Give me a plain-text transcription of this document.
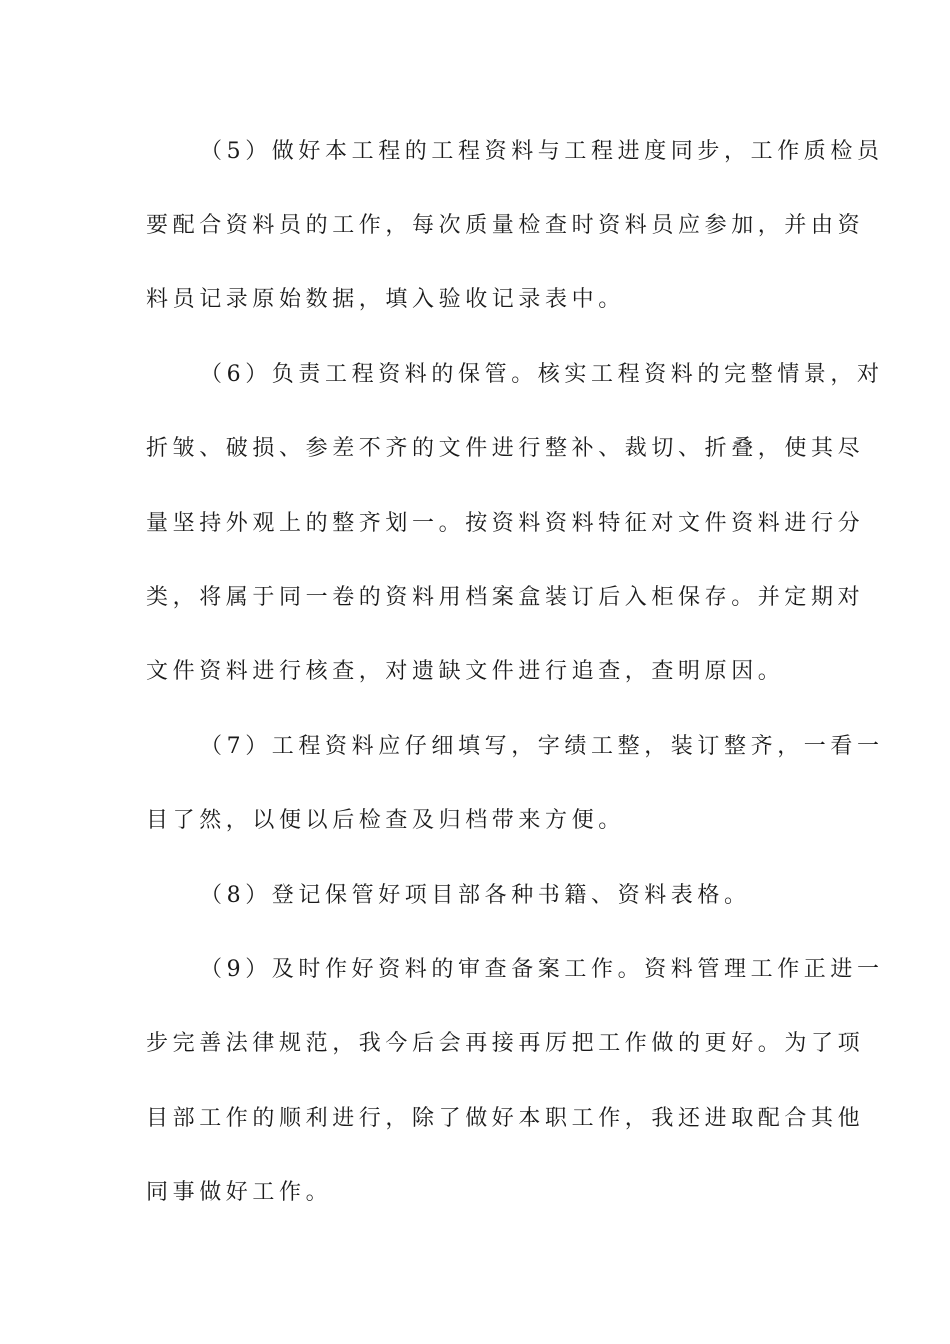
（5）做好本工程的工程资料与工程进度同步，工作质检员
要配合资料员的工作，每次质量检查时资料员应参加，并由资
料员记录原始数据，填入验收记录表中。
（6）负责工程资料的保管。核实工程资料的完整情景，对
折皱、破损、参差不齐的文件进行整补、裁切、折叠，使其尽
量坚持外观上的整齐划一。按资料资料特征对文件资料进行分
类，将属于同一卷的资料用档案盒装订后入柜保存。并定期对
文件资料进行核查，对遗缺文件进行追查，查明原因。
（7）工程资料应仔细填写，字绩工整，装订整齐，一看一
目了然，以便以后检查及归档带来方便。
（8）登记保管好项目部各种书籍、资料表格。
（9）及时作好资料的审查备案工作。资料管理工作正进一
步完善法律规范，我今后会再接再厉把工作做的更好。为了项
目部工作的顺利进行，除了做好本职工作，我还进取配合其他
同事做好工作。
